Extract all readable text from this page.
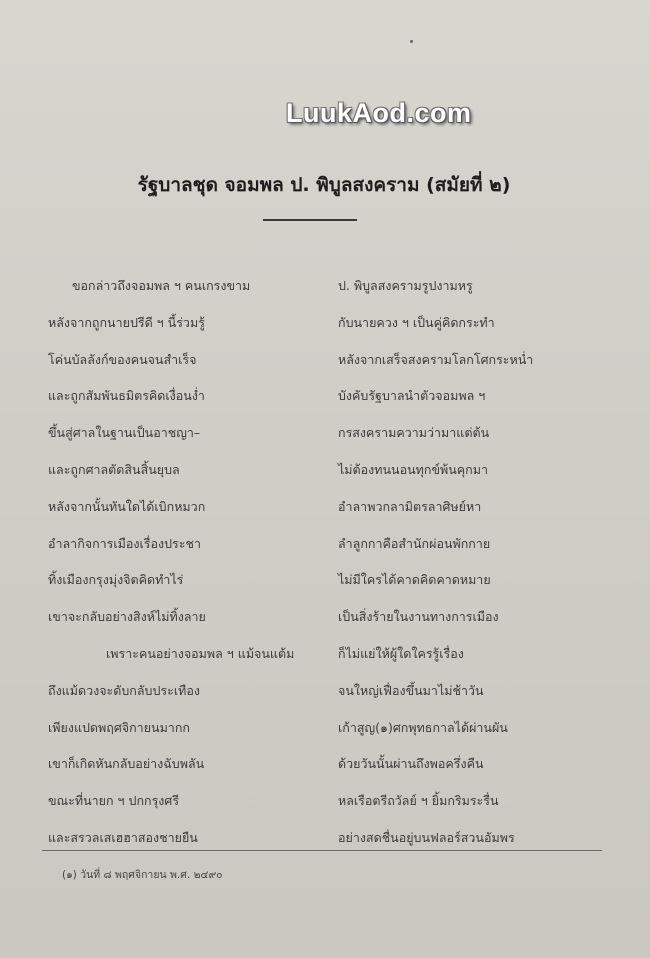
LuukAod.com
รัฐบาลชุด จอมพล ป. พิบูลสงคราม (สมัยที่ ๒)
ขอกล่าวถึงจอมพล ฯ คนเกรงขาม
หลังจากถูกนายปรีดี ฯ นี้ร่วมรู้
โค่นบัลลังก์ของคนจนสำเร็จ
และถูกสัมพันธมิตรคิดเงื่อนง่ำ
ขึ้นสู่ศาลในฐานเป็นอาชญา–
และถูกศาลตัดสินสิ้นยุบล
หลังจากนั้นทันใดได้เบิกหมวก
อำลากิจการเมืองเรื่องประชา
ทิ้งเมืองกรุงมุ่งจิตคิดทำไร่
เขาจะกลับอย่างสิงห์ไม่ทิ้งลาย
เพราะคนอย่างจอมพล ฯ แม้จนแต้ม
ถึงแม้ดวงจะดับกลับประเทือง
เพียงแปดพฤศจิกายนมากก
เขาก็เกิดหันกลับอย่างฉับพลัน
ขณะที่นายก ฯ ปกกรุงศรี
และสรวลเสเฮฮาสองชายยืน
ป. พิบูลสงครามรูปงามหรู
กับนายควง ฯ เป็นคู่คิดกระทำ
หลังจากเสร็จสงครามโลกโศกระหน่ำ
บังคับรัฐบาลนำตัวจอมพล ฯ
กรสงครามความว่ามาแต่ต้น
ไม่ต้องทนนอนทุกข์พ้นคุกมา
อำลาพวกลามิตรลาศิษย์หา
ลำลูกกาคือสำนักผ่อนพักกาย
ไม่มีใครได้คาดคิดคาดหมาย
เป็นสิ่งร้ายในงานทางการเมือง
ก็ไม่แย่ให้ผู้ใดใครรู้เรื่อง
จนใหญ่เฟื่องขึ้นมาไม่ช้าวัน
เก้าสูญ(๑)ศกพุทธกาลได้ผ่านผัน
ด้วยวันนั้นผ่านถึงพอครึ่งคืน
หลเรือตรีถวัลย์ ฯ ยิ้มกริมระรื่น
อย่างสดชื่นอยู่บนฟลอร์สวนอัมพร
(๑) วันที่ ๘ พฤศจิกายน พ.ศ. ๒๔๙๐
